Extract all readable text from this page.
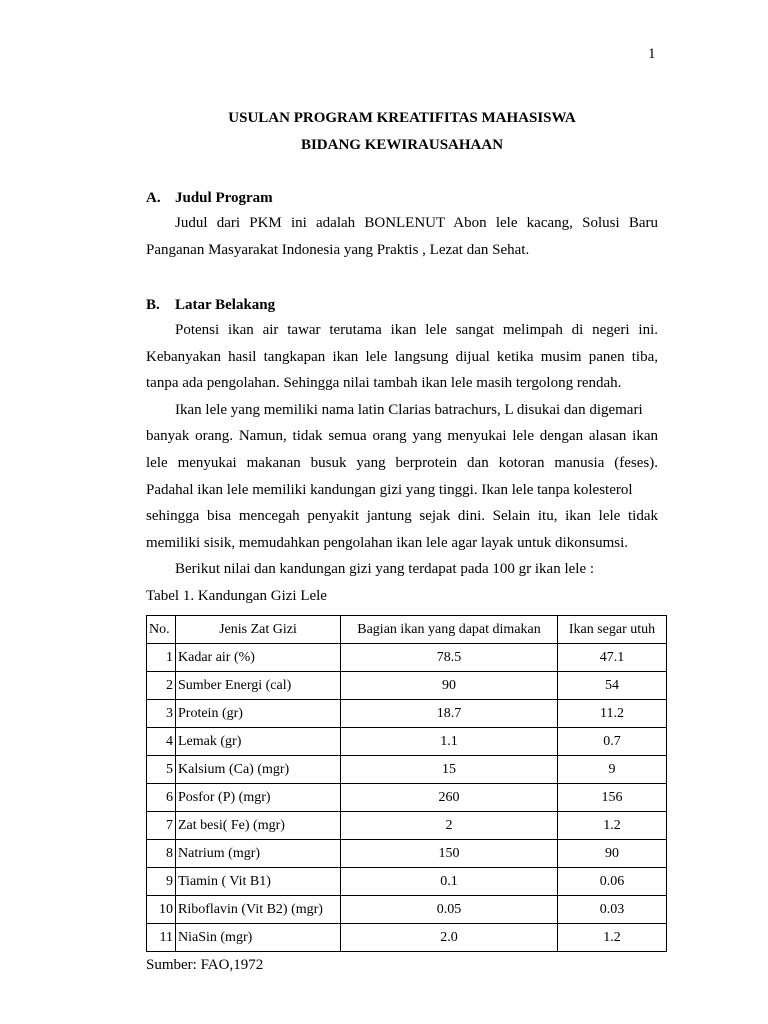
1
USULAN PROGRAM KREATIFITAS MAHASISWA
BIDANG KEWIRAUSAHAAN
A. Judul Program
Judul dari PKM ini adalah BONLENUT Abon lele kacang, Solusi Baru
Panganan Masyarakat Indonesia yang Praktis , Lezat dan Sehat.
B. Latar Belakang
Potensi ikan air tawar terutama ikan lele sangat melimpah di negeri ini.
Kebanyakan hasil tangkapan ikan lele langsung dijual ketika musim panen tiba,
tanpa ada pengolahan. Sehingga nilai tambah ikan lele masih tergolong rendah.
Ikan lele yang memiliki nama latin Clarias batrachurs, L disukai dan digemari
banyak orang. Namun, tidak semua orang yang menyukai lele dengan alasan ikan
lele menyukai makanan busuk yang berprotein dan kotoran manusia (feses).
Padahal ikan lele memiliki kandungan gizi yang tinggi. Ikan lele tanpa kolesterol
sehingga bisa mencegah penyakit jantung sejak dini. Selain itu, ikan lele tidak
memiliki sisik, memudahkan pengolahan ikan lele agar layak untuk dikonsumsi.
Berikut nilai dan kandungan gizi yang terdapat pada 100 gr ikan lele :
Tabel 1. Kandungan Gizi Lele
No.	Jenis Zat Gizi	Bagian ikan yang dapat dimakan	Ikan segar utuh
1	Kadar air (%)	78.5	47.1
2	Sumber Energi (cal)	90	54
3	Protein (gr)	18.7	11.2
4	Lemak (gr)	1.1	0.7
5	Kalsium (Ca) (mgr)	15	9
6	Posfor (P) (mgr)	260	156
7	Zat besi( Fe) (mgr)	2	1.2
8	Natrium (mgr)	150	90
9	Tiamin ( Vit B1)	0.1	0.06
10	Riboflavin (Vit B2) (mgr)	0.05	0.03
11	NiaSin (mgr)	2.0	1.2
Sumber: FAO,1972
